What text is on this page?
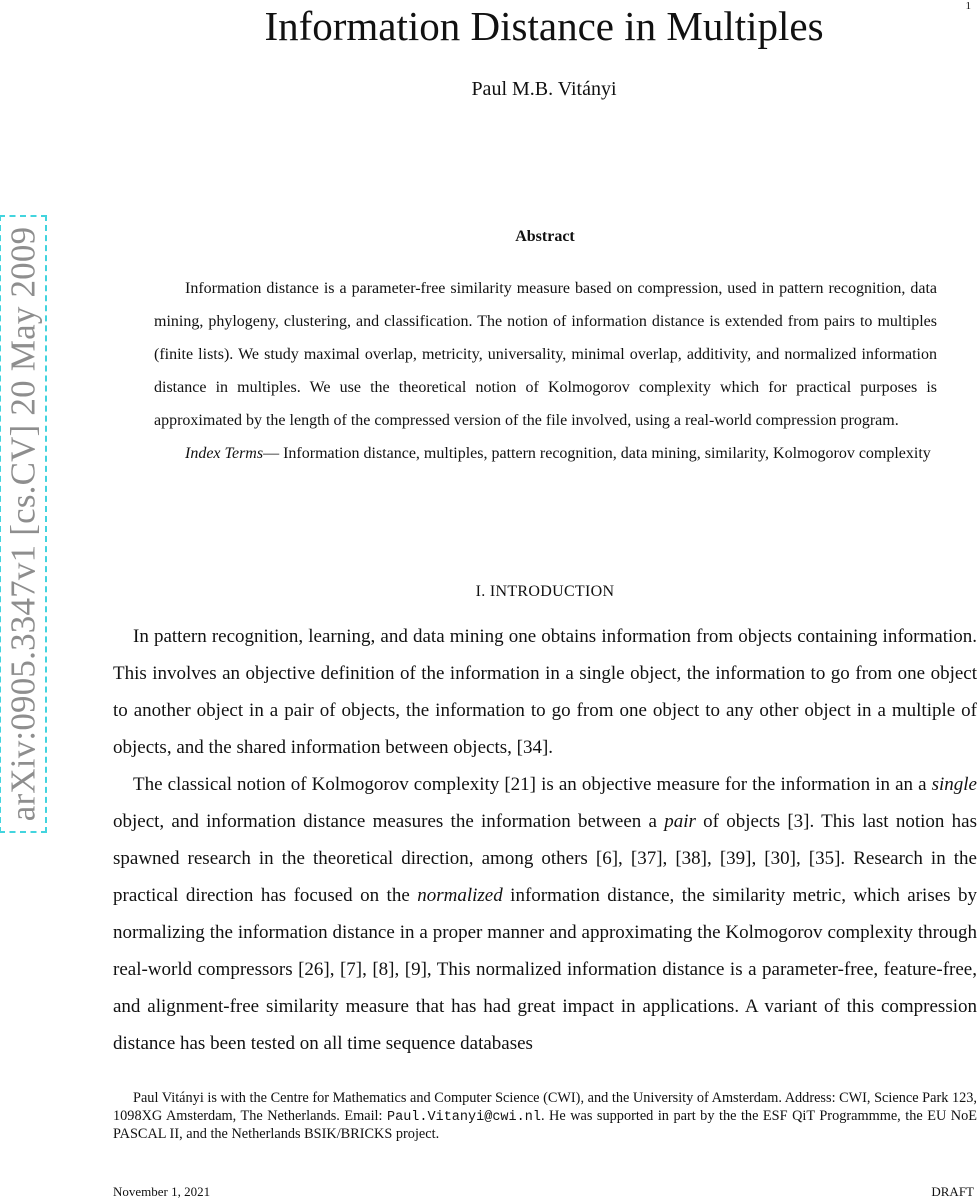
1
Information Distance in Multiples
Paul M.B. Vitányi
arXiv:0905.3347v1 [cs.CV] 20 May 2009	Abstract

Information distance is a parameter-free similarity measure based on compression, used in pattern recognition, data mining, phylogeny, clustering, and classification. The notion of information distance is extended from pairs to multiples (finite lists). We study maximal overlap, metricity, universality, minimal overlap, additivity, and normalized information distance in multiples. We use the theoretical notion of Kolmogorov complexity which for practical purposes is approximated by the length of the compressed version of the file involved, using a real-world compression program.

Index Terms— Information distance, multiples, pattern recognition, data mining, similarity, Kolmogorov complexity

I. INTRODUCTION

In pattern recognition, learning, and data mining one obtains information from objects containing information. This involves an objective definition of the information in a single object, the information to go from one object to another object in a pair of objects, the information to go from one object to any other object in a multiple of objects, and the shared information between objects, [34].

The classical notion of Kolmogorov complexity [21] is an objective measure for the information in an a single object, and information distance measures the information between a pair of objects [3]. This last notion has spawned research in the theoretical direction, among others [6], [37], [38], [39], [30], [35]. Research in the practical direction has focused on the normalized information distance, the similarity metric, which arises by normalizing the information distance in a proper manner and approximating the Kolmogorov complexity through real-world compressors [26], [7], [8], [9], This normalized information distance is a parameter-free, feature-free, and alignment-free similarity measure that has had great impact in applications. A variant of this compression distance has been tested on all time sequence databases

Paul Vitányi is with the Centre for Mathematics and Computer Science (CWI), and the University of Amsterdam. Address: CWI, Science Park 123, 1098XG Amsterdam, The Netherlands. Email: Paul.Vitanyi@cwi.nl. He was supported in part by the the ESF QiT Programmme, the EU NoE PASCAL II, and the Netherlands BSIK/BRICKS project.

November 1, 2021	DRAFT
